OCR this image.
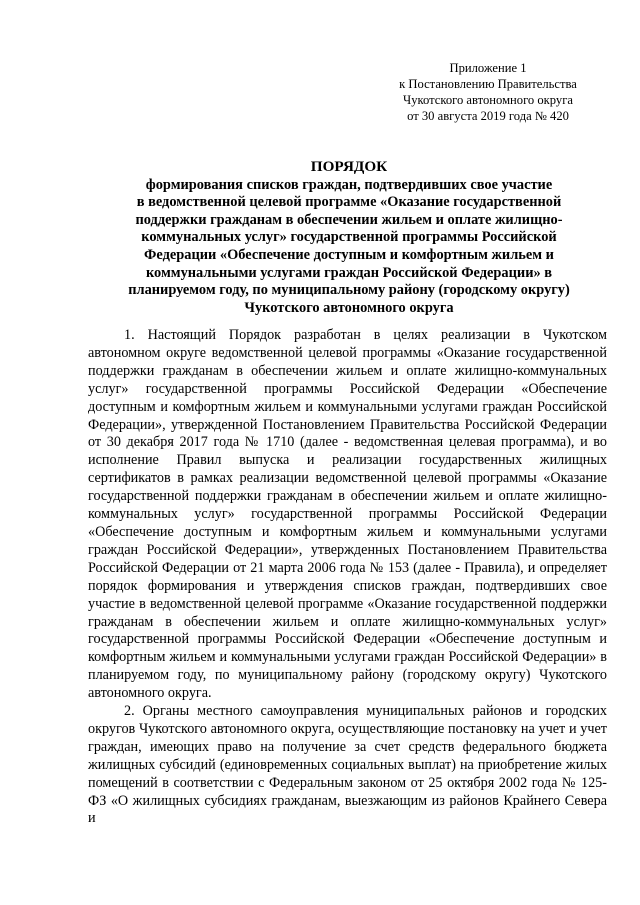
Приложение 1
к Постановлению Правительства
Чукотского автономного округа
от 30 августа 2019 года № 420
ПОРЯДОК
формирования списков граждан, подтвердивших свое участие
в ведомственной целевой программе «Оказание государственной
поддержки гражданам в обеспечении жильем и оплате жилищно-
коммунальных услуг» государственной программы Российской
Федерации «Обеспечение доступным и комфортным жильем и
коммунальными услугами граждан Российской Федерации» в
планируемом году, по муниципальному району (городскому округу)
Чукотского автономного округа

1. Настоящий Порядок разработан в целях реализации в Чукотском автономном округе ведомственной целевой программы «Оказание государственной поддержки гражданам в обеспечении жильем и оплате жилищно-коммунальных услуг» государственной программы Российской Федерации «Обеспечение доступным и комфортным жильем и коммунальными услугами граждан Российской Федерации», утвержденной Постановлением Правительства Российской Федерации от 30 декабря 2017 года № 1710 (далее - ведомственная целевая программа), и во исполнение Правил выпуска и реализации государственных жилищных сертификатов в рамках реализации ведомственной целевой программы «Оказание государственной поддержки гражданам в обеспечении жильем и оплате жилищно-коммунальных услуг» государственной программы Российской Федерации «Обеспечение доступным и комфортным жильем и коммунальными услугами граждан Российской Федерации», утвержденных Постановлением Правительства Российской Федерации от 21 марта 2006 года № 153 (далее - Правила), и определяет порядок формирования и утверждения списков граждан, подтвердивших свое участие в ведомственной целевой программе «Оказание государственной поддержки гражданам в обеспечении жильем и оплате жилищно-коммунальных услуг» государственной программы Российской Федерации «Обеспечение доступным и комфортным жильем и коммунальными услугами граждан Российской Федерации» в планируемом году, по муниципальному району (городскому округу) Чукотского автономного округа.

2. Органы местного самоуправления муниципальных районов и городских округов Чукотского автономного округа, осуществляющие постановку на учет и учет граждан, имеющих право на получение за счет средств федерального бюджета жилищных субсидий (единовременных социальных выплат) на приобретение жилых помещений в соответствии с Федеральным законом от 25 октября 2002 года № 125-ФЗ «О жилищных субсидиях гражданам, выезжающим из районов Крайнего Севера и
